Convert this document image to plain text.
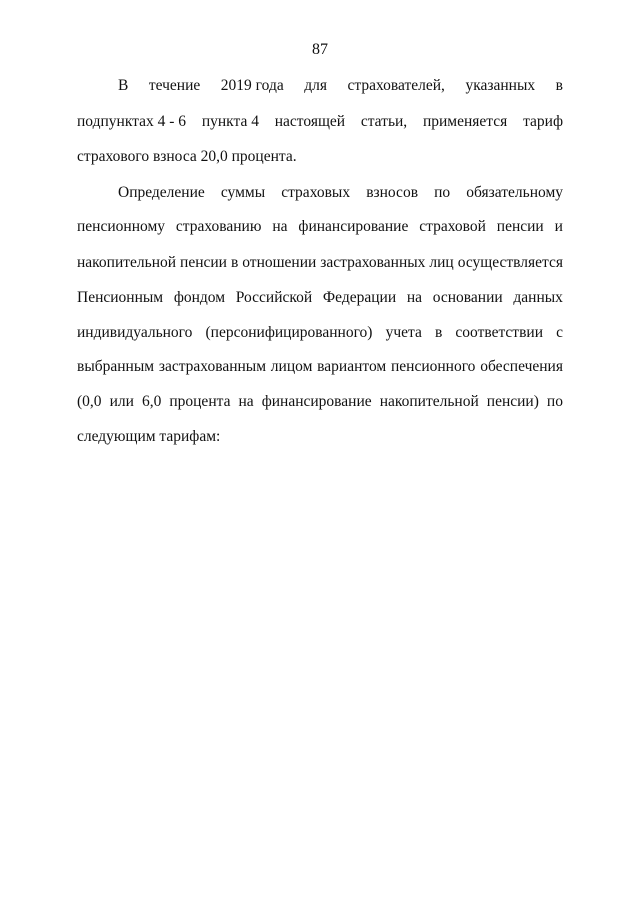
87
В течение 2019 года для страхователей, указанных в
подпунктах 4 - 6 пункта 4 настоящей статьи, применяется тариф
страхового взноса 20,0 процента.
Определение суммы страховых взносов по обязательному
пенсионному страхованию на финансирование страховой пенсии и
накопительной пенсии в отношении застрахованных лиц осуществляется
Пенсионным фондом Российской Федерации на основании данных
индивидуального (персонифицированного) учета в соответствии с
выбранным застрахованным лицом вариантом пенсионного обеспечения
(0,0 или 6,0 процента на финансирование накопительной пенсии) по
следующим тарифам:
